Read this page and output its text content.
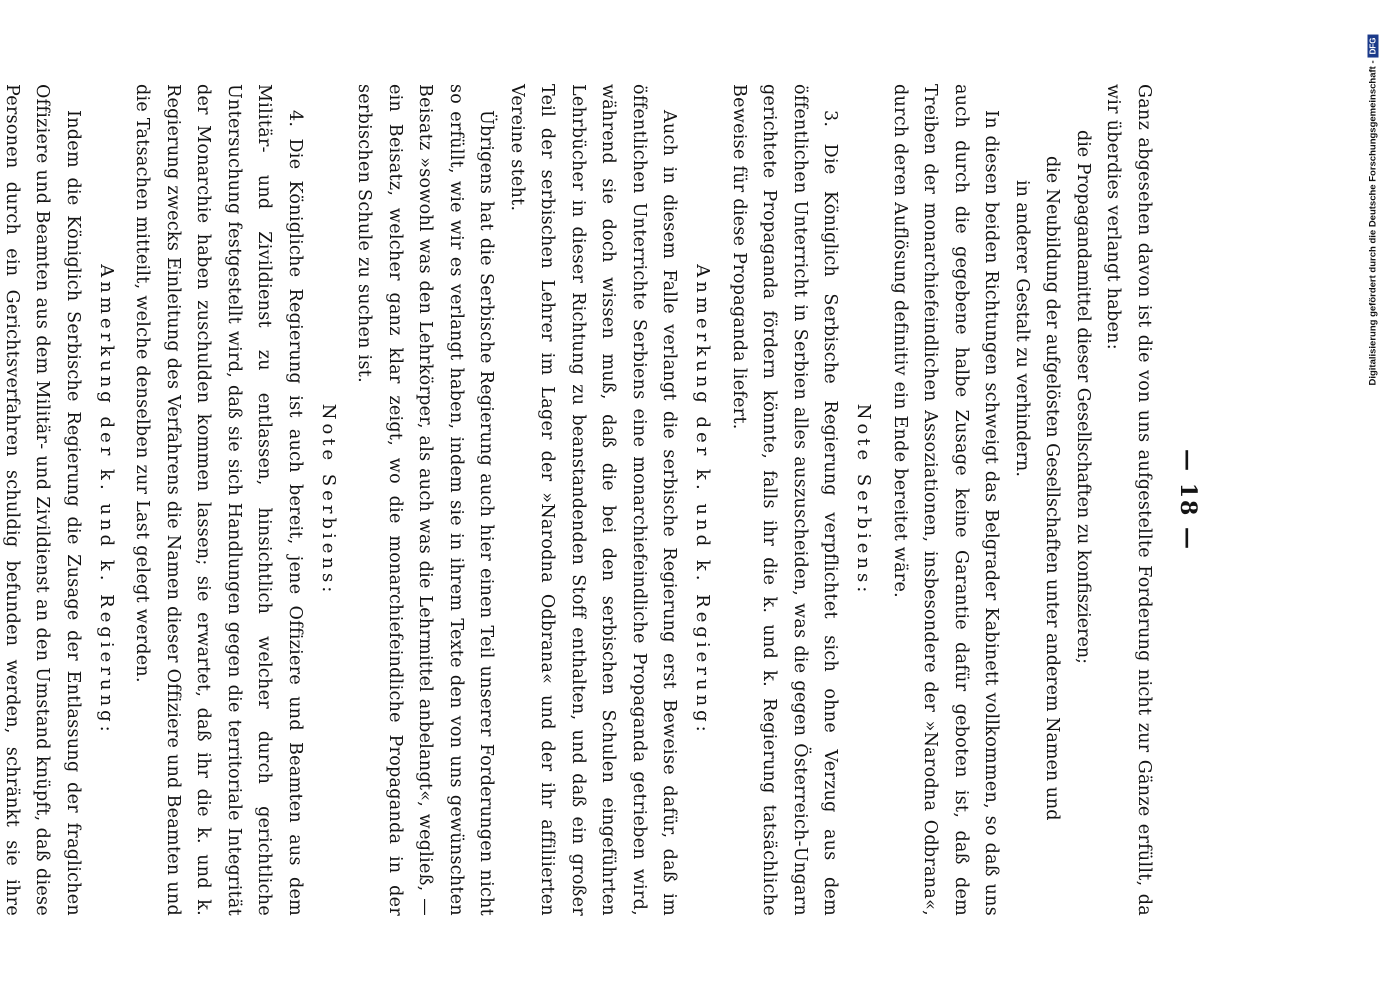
— 18 —

Ganz abgesehen davon ist die von uns aufgestellte Forderung nicht zur Gänze erfüllt, da wir überdies verlangt haben:

die Propagandamittel dieser Gesellschaften zu konfiszieren;
die Neubildung der aufgelösten Gesellschaften unter anderem Namen und
in anderer Gestalt zu verhindern.

In diesen beiden Richtungen schweigt das Belgrader Kabinett vollkommen, so daß uns auch durch die gegebene halbe Zusage keine Garantie dafür geboten ist, daß dem Treiben der monarchiefeindlichen Assoziationen, insbesondere der »Narodna Odbrana«, durch deren Auflösung definitiv ein Ende bereitet wäre.

Note Serbiens:

3. Die Königlich Serbische Regierung verpflichtet sich ohne Verzug aus dem öffentlichen Unterricht in Serbien alles auszuscheiden, was die gegen Österreich-Ungarn gerichtete Propaganda fördern könnte, falls ihr die k. und k. Regierung tatsächliche Beweise für diese Propaganda liefert.

Anmerkung der k. und k. Regierung:

Auch in diesem Falle verlangt die serbische Regierung erst Beweise dafür, daß im öffentlichen Unterrichte Serbiens eine monarchiefeindliche Propaganda getrieben wird, während sie doch wissen muß, daß die bei den serbischen Schulen eingeführten Lehrbücher in dieser Richtung zu beanstandenden Stoff enthalten, und daß ein großer Teil der serbischen Lehrer im Lager der »Narodna Odbrana« und der ihr affiliierten Vereine steht.

Übrigens hat die Serbische Regierung auch hier einen Teil unserer Forderungen nicht so erfüllt, wie wir es verlangt haben, indem sie in ihrem Texte den von uns gewünschten Beisatz »sowohl was den Lehrkörper, als auch was die Lehrmittel anbelangt«, wegließ, — ein Beisatz, welcher ganz klar zeigt, wo die monarchiefeindliche Propaganda in der serbischen Schule zu suchen ist.

Note Serbiens:

4. Die Königliche Regierung ist auch bereit, jene Offiziere und Beamten aus dem Militär- und Zivildienst zu entlassen, hinsichtlich welcher durch gerichtliche Untersuchung festgestellt wird, daß sie sich Handlungen gegen die territoriale Integrität der Monarchie haben zuschulden kommen lassen; sie erwartet, daß ihr die k. und k. Regierung zwecks Einleitung des Verfahrens die Namen dieser Offiziere und Beamten und die Tatsachen mitteilt, welche denselben zur Last gelegt werden.

Anmerkung der k. und k. Regierung:

Indem die Königlich Serbische Regierung die Zusage der Entlassung der fraglichen Offiziere und Beamten aus dem Militär- und Zivildienst an den Umstand knüpft, daß diese Personen durch ein Gerichtsverfahren schuldig befunden werden, schränkt sie ihre

Digitalisierung gefördert durch die Deutsche Forschungsgemeinschaft -
DFG
